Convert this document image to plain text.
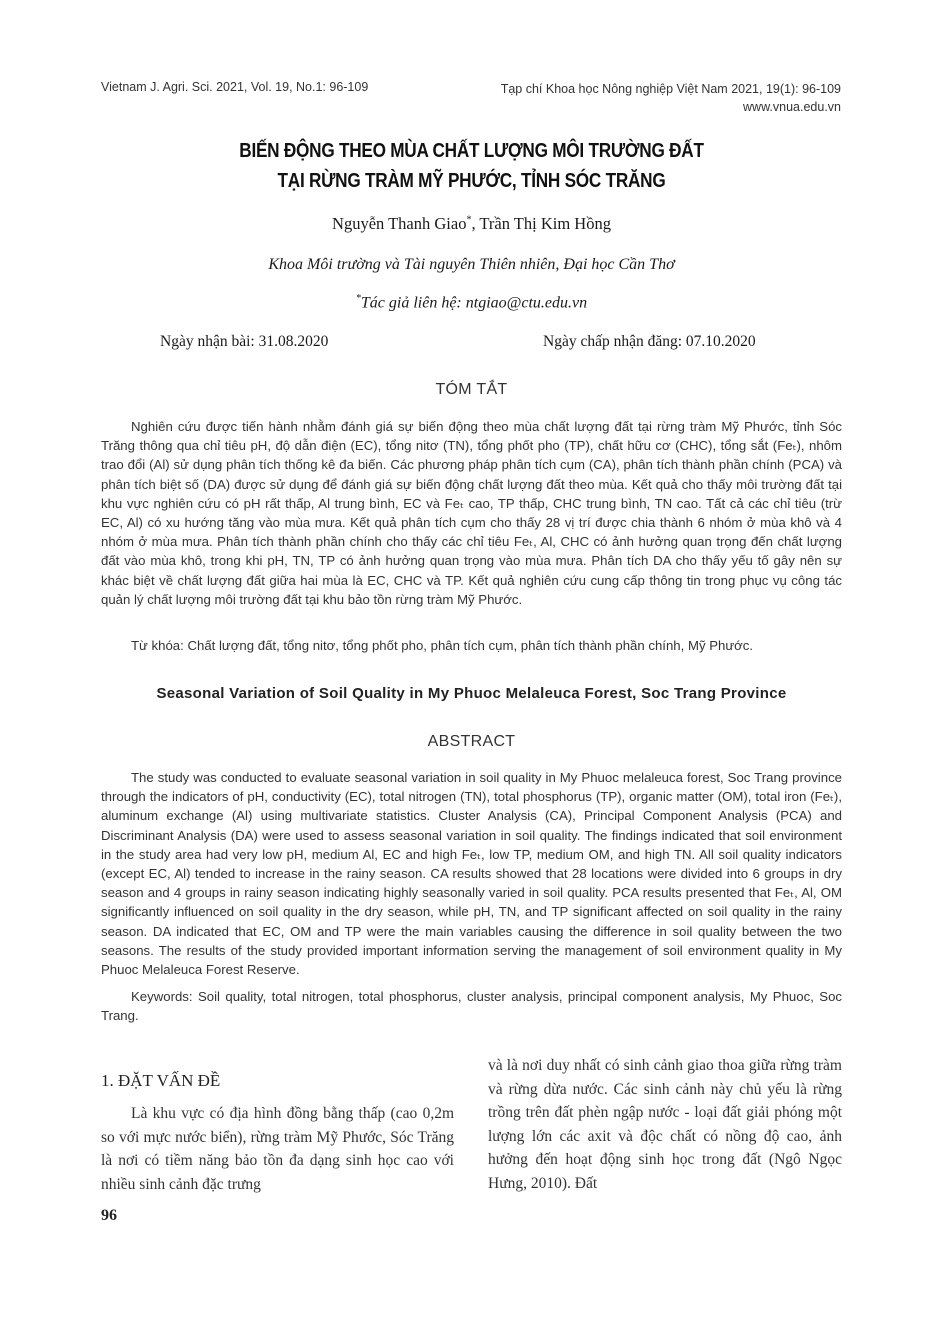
Vietnam J. Agri. Sci. 2021, Vol. 19, No.1: 96-109	Tạp chí Khoa học Nông nghiệp Việt Nam 2021, 19(1): 96-109
www.vnua.edu.vn
BIẾN ĐỘNG THEO MÙA CHẤT LƯỢNG MÔI TRƯỜNG ĐẤT
TẠI RỪNG TRÀM MỸ PHƯỚC, TỈNH SÓC TRĂNG
Nguyễn Thanh Giao*, Trần Thị Kim Hồng
Khoa Môi trường và Tài nguyên Thiên nhiên, Đại học Cần Thơ
*Tác giả liên hệ: ntgiao@ctu.edu.vn
Ngày nhận bài: 31.08.2020	Ngày chấp nhận đăng: 07.10.2020
TÓM TẮT
Nghiên cứu được tiến hành nhằm đánh giá sự biến động theo mùa chất lượng đất tại rừng tràm Mỹ Phước, tỉnh Sóc Trăng thông qua chỉ tiêu pH, độ dẫn điện (EC), tổng nitơ (TN), tổng phốt pho (TP), chất hữu cơ (CHC), tổng sắt (Feₜ), nhôm trao đổi (Al) sử dụng phân tích thống kê đa biến. Các phương pháp phân tích cụm (CA), phân tích thành phần chính (PCA) và phân tích biệt số (DA) được sử dụng để đánh giá sự biến động chất lượng đất theo mùa. Kết quả cho thấy môi trường đất tại khu vực nghiên cứu có pH rất thấp, Al trung bình, EC và Feₜ cao, TP thấp, CHC trung bình, TN cao. Tất cả các chỉ tiêu (trừ EC, Al) có xu hướng tăng vào mùa mưa. Kết quả phân tích cụm cho thấy 28 vị trí được chia thành 6 nhóm ở mùa khô và 4 nhóm ở mùa mưa. Phân tích thành phần chính cho thấy các chỉ tiêu Feₜ, Al, CHC có ảnh hưởng quan trọng đến chất lượng đất vào mùa khô, trong khi pH, TN, TP có ảnh hưởng quan trọng vào mùa mưa. Phân tích DA cho thấy yếu tố gây nên sự khác biệt về chất lượng đất giữa hai mùa là EC, CHC và TP. Kết quả nghiên cứu cung cấp thông tin trong phục vụ công tác quản lý chất lượng môi trường đất tại khu bảo tồn rừng tràm Mỹ Phước.
Từ khóa: Chất lượng đất, tổng nitơ, tổng phốt pho, phân tích cụm, phân tích thành phần chính, Mỹ Phước.
Seasonal Variation of Soil Quality in My Phuoc Melaleuca Forest, Soc Trang Province
ABSTRACT
The study was conducted to evaluate seasonal variation in soil quality in My Phuoc melaleuca forest, Soc Trang province through the indicators of pH, conductivity (EC), total nitrogen (TN), total phosphorus (TP), organic matter (OM), total iron (Feₜ), aluminum exchange (Al) using multivariate statistics. Cluster Analysis (CA), Principal Component Analysis (PCA) and Discriminant Analysis (DA) were used to assess seasonal variation in soil quality. The findings indicated that soil environment in the study area had very low pH, medium Al, EC and high Feₜ, low TP, medium OM, and high TN. All soil quality indicators (except EC, Al) tended to increase in the rainy season. CA results showed that 28 locations were divided into 6 groups in dry season and 4 groups in rainy season indicating highly seasonally varied in soil quality. PCA results presented that Feₜ, Al, OM significantly influenced on soil quality in the dry season, while pH, TN, and TP significant affected on soil quality in the rainy season. DA indicated that EC, OM and TP were the main variables causing the difference in soil quality between the two seasons. The results of the study provided important information serving the management of soil environment quality in My Phuoc Melaleuca Forest Reserve.
Keywords: Soil quality, total nitrogen, total phosphorus, cluster analysis, principal component analysis, My Phuoc, Soc Trang.
1. ĐẶT VẤN ĐỀ
Là khu vực có địa hình đồng bằng thấp (cao 0,2m so với mực nước biển), rừng tràm Mỹ Phước, Sóc Trăng là nơi có tiềm năng bảo tồn đa dạng sinh học cao với nhiều sinh cảnh đặc trưng
và là nơi duy nhất có sinh cảnh giao thoa giữa rừng tràm và rừng dừa nước. Các sinh cảnh này chủ yếu là rừng trồng trên đất phèn ngập nước - loại đất giải phóng một lượng lớn các axit và độc chất có nồng độ cao, ảnh hưởng đến hoạt động sinh học trong đất (Ngô Ngọc Hưng, 2010). Đất
96
